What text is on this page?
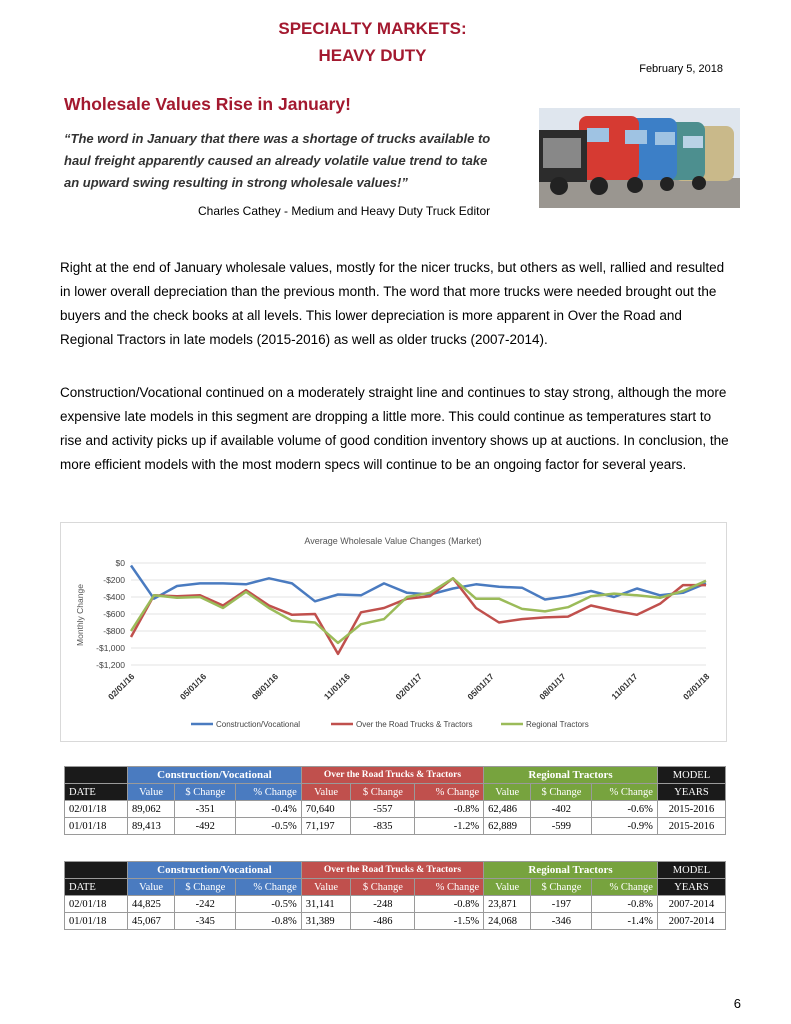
SPECIALTY MARKETS:
HEAVY DUTY
February 5, 2018
Wholesale Values Rise in January!
“The word in January that there was a shortage of trucks available to haul freight apparently caused an already volatile value trend to take an upward swing resulting in strong wholesale values!”
Charles Cathey - Medium and Heavy Duty Truck Editor
Right at the end of January wholesale values, mostly for the nicer trucks, but others as well, rallied and resulted in lower overall depreciation than the previous month. The word that more trucks were needed brought out the buyers and the check books at all levels. This lower depreciation is more apparent in Over the Road and Regional Tractors in late models (2015-2016) as well as older trucks (2007-2014).
Construction/Vocational continued on a moderately straight line and continues to stay strong, although the more expensive late models in this segment are dropping a little more. This could continue as temperatures start to rise and activity picks up if available volume of good condition inventory shows up at auctions. In conclusion, the more efficient models with the most modern specs will continue to be an ongoing factor for several years.
Average Wholesale Value Changes (Market)
Monthly Change
$0
-$200
-$400
-$600
-$800
-$1,000
-$1,200
02/01/16	05/01/16	08/01/16	11/01/16	02/01/17	05/01/17	08/01/17	11/01/17	02/01/18
Construction/Vocational	Over the Road Trucks & Tractors	Regional Tractors
	Construction/Vocational			Over the Road Trucks & Tractors			Regional Tractors			MODEL
DATE	Value	$ Change	% Change	Value	$ Change	% Change	Value	$ Change	% Change	YEARS
02/01/18	89,062	-351	-0.4%	70,640	-557	-0.8%	62,486	-402	-0.6%	2015-2016
01/01/18	89,413	-492	-0.5%	71,197	-835	-1.2%	62,889	-599	-0.9%	2015-2016
	Construction/Vocational			Over the Road Trucks & Tractors			Regional Tractors			MODEL
DATE	Value	$ Change	% Change	Value	$ Change	% Change	Value	$ Change	% Change	YEARS
02/01/18	44,825	-242	-0.5%	31,141	-248	-0.8%	23,871	-197	-0.8%	2007-2014
01/01/18	45,067	-345	-0.8%	31,389	-486	-1.5%	24,068	-346	-1.4%	2007-2014
6
